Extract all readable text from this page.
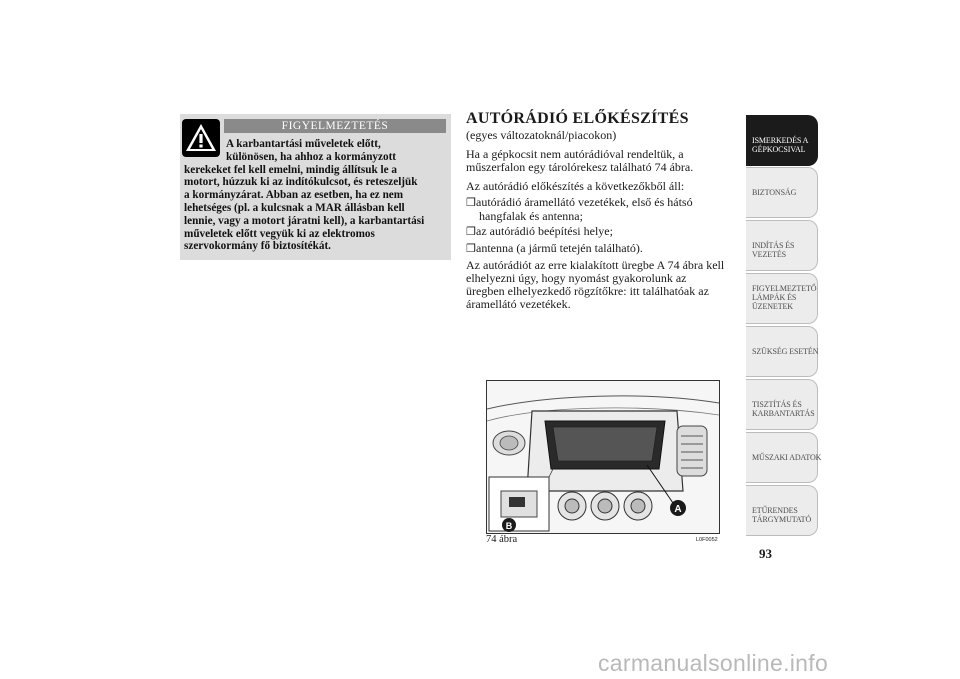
FIGYELMEZTETÉS
A karbantartási műveletek előtt,
különösen, ha ahhoz a kormányzott
kerekeket fel kell emelni, mindig állítsuk le a
motort, húzzuk ki az indítókulcsot, és reteszeljük
a kormányzárat. Abban az esetben, ha ez nem
lehetséges (pl. a kulcsnak a MAR állásban kell
lennie, vagy a motort járatni kell), a karbantartási
műveletek előtt vegyük ki az elektromos
szervokormány fő biztosítékát.
AUTÓRÁDIÓ ELŐKÉSZÍTÉS
(egyes változatoknál/piacokon)
Ha a gépkocsit nem autórádióval rendeltük, a
műszerfalon egy tárolórekesz található 74 ábra.
Az autórádió előkészítés a következőkből áll:
❒autórádió áramellátó vezetékek, első és hátsó
hangfalak és antenna;
❒az autórádió beépítési helye;
❒antenna (a jármű tetején található).
Az autórádiót az erre kialakított üregbe A 74 ábra kell
elhelyezni úgy, hogy nyomást gyakorolunk az
üregben elhelyezkedő rögzítőkre: itt találhatóak az
áramellátó vezetékek.
A
B
74 ábra	L0F0052
ISMERKEDÉS A
GÉPKOCSIVAL
BIZTONSÁG
INDÍTÁS ÉS
VEZETÉS
FIGYELMEZTETŐ
LÁMPÁK ÉS
ÜZENETEK
SZÜKSÉG ESETÉN
TISZTÍTÁS ÉS
KARBANTARTÁS
MŰSZAKI ADATOK
ETŰRENDES
TÁRGYMUTATÓ
93
carmanualsonline.info
